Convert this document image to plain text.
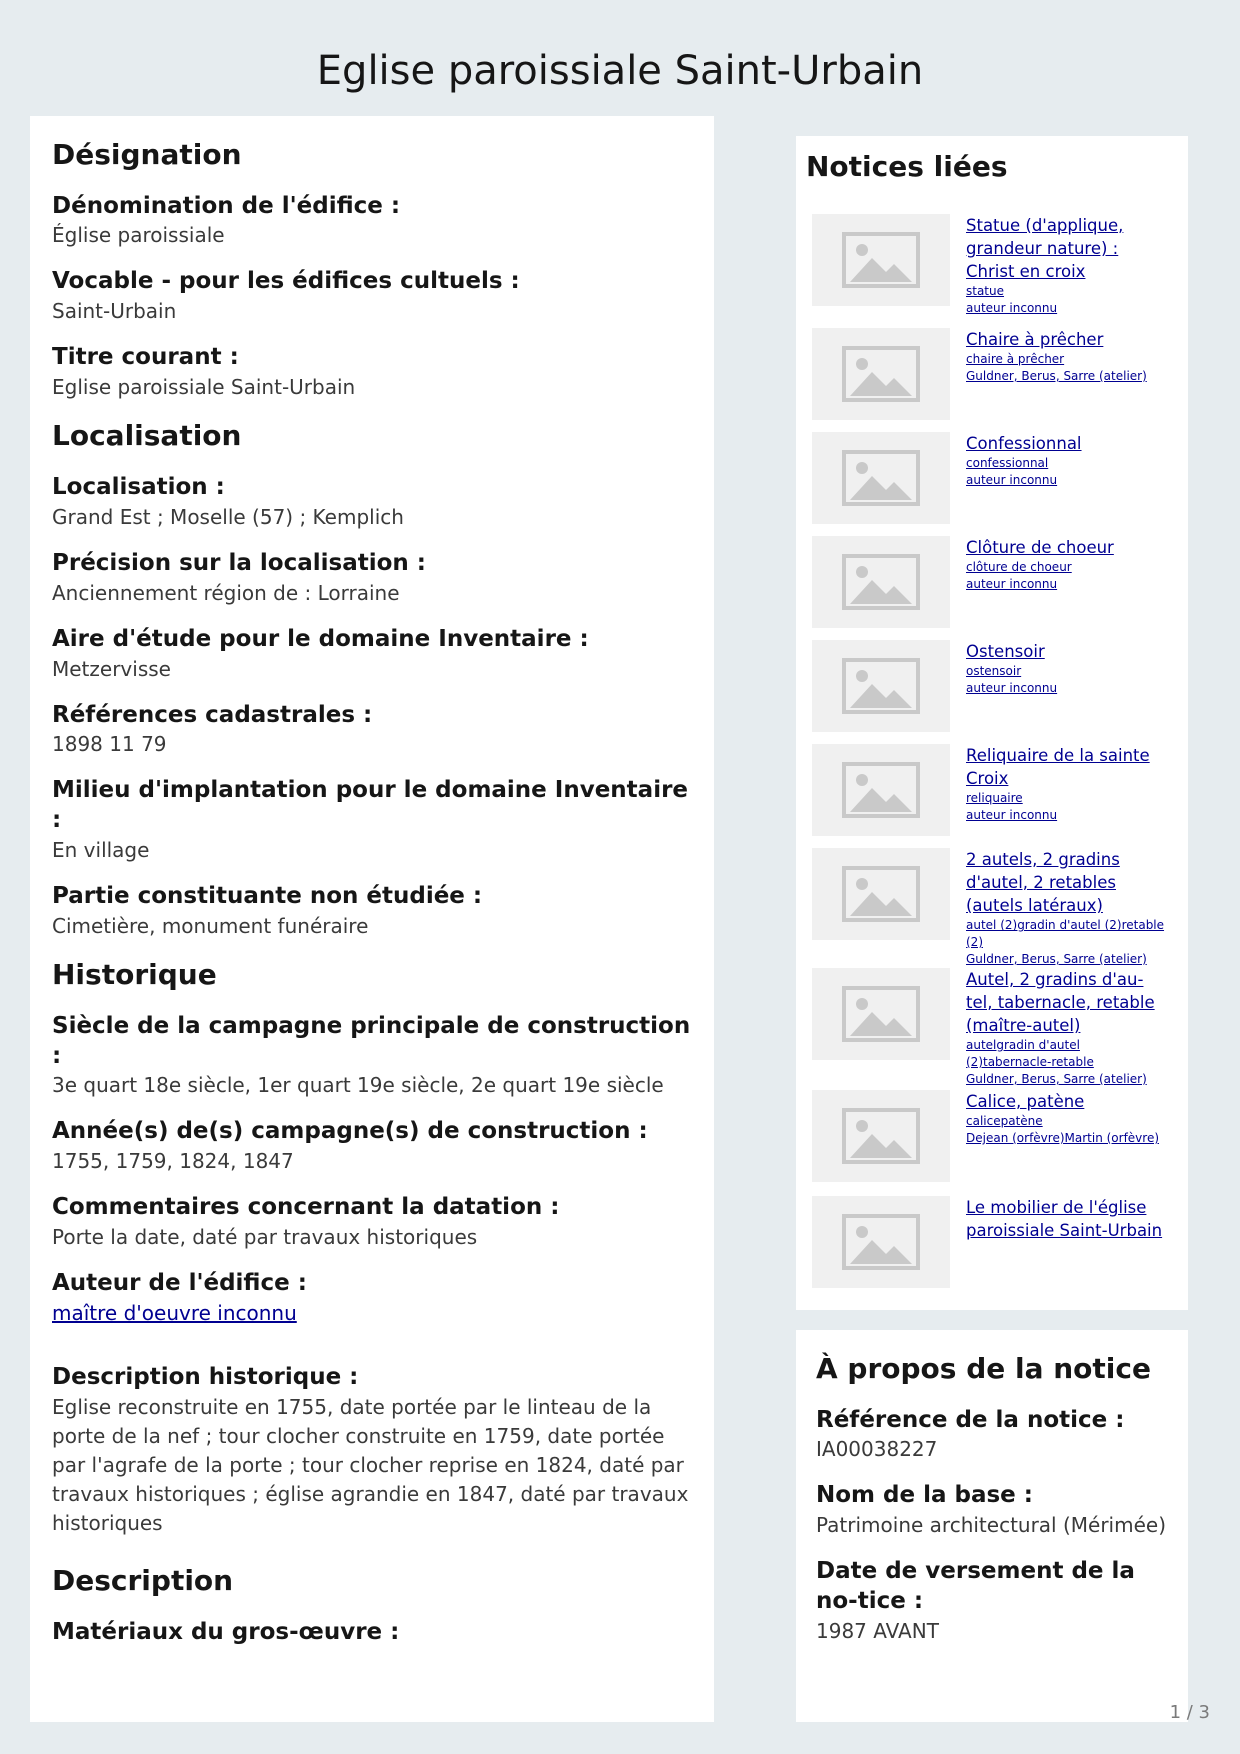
Eglise paroissiale Saint-Urbain
Désignation
Dénomination de l'édifice :
Église paroissiale
Vocable - pour les édifices cultuels :
Saint-Urbain
Titre courant :
Eglise paroissiale Saint-Urbain
Localisation
Localisation :
Grand Est ; Moselle (57) ; Kemplich
Précision sur la localisation :
Anciennement région de : Lorraine
Aire d'étude pour le domaine Inventaire :
Metzervisse
Références cadastrales :
1898 11 79
Milieu d'implantation pour le domaine Inventaire :
En village
Partie constituante non étudiée :
Cimetière, monument funéraire
Historique
Siècle de la campagne principale de construction :
3e quart 18e siècle, 1er quart 19e siècle, 2e quart 19e siècle
Année(s) de(s) campagne(s) de construction :
1755, 1759, 1824, 1847
Commentaires concernant la datation :
Porte la date, daté par travaux historiques
Auteur de l'édifice :
maître d'oeuvre inconnu
Description historique :
Eglise reconstruite en 1755, date portée par le linteau de la porte de la nef ; tour clocher construite en 1759, date portée par l'agrafe de la porte ; tour clocher reprise en 1824, daté par travaux historiques ; église agrandie en 1847, daté par travaux historiques
Description
Matériaux du gros-œuvre :
Notices liées
Statue (d'applique, grandeur nature) : Christ en croix
statue
auteur inconnu
Chaire à prêcher
chaire à prêcher
Guldner, Berus, Sarre (atelier)
Confessionnal
confessionnal
auteur inconnu
Clôture de choeur
clôture de choeur
auteur inconnu
Ostensoir
ostensoir
auteur inconnu
Reliquaire de la sainte Croix
reliquaire
auteur inconnu
2 autels, 2 gradins d'autel, 2 retables (autels latéraux)
autel (2)gradin d'autel (2)retable (2)
Guldner, Berus, Sarre (atelier)
Autel, 2 gradins d'au-tel, tabernacle, retable (maître-autel)
autelgradin d'autel (2)tabernacle-retable
Guldner, Berus, Sarre (atelier)
Calice, patène
calicepatène
Dejean (orfèvre)Martin (orfèvre)
Le mobilier de l'église paroissiale Saint-Urbain
À propos de la notice
Référence de la notice :
IA00038227
Nom de la base :
Patrimoine architectural (Mérimée)
Date de versement de la no-tice :
1987 AVANT
1 / 3
